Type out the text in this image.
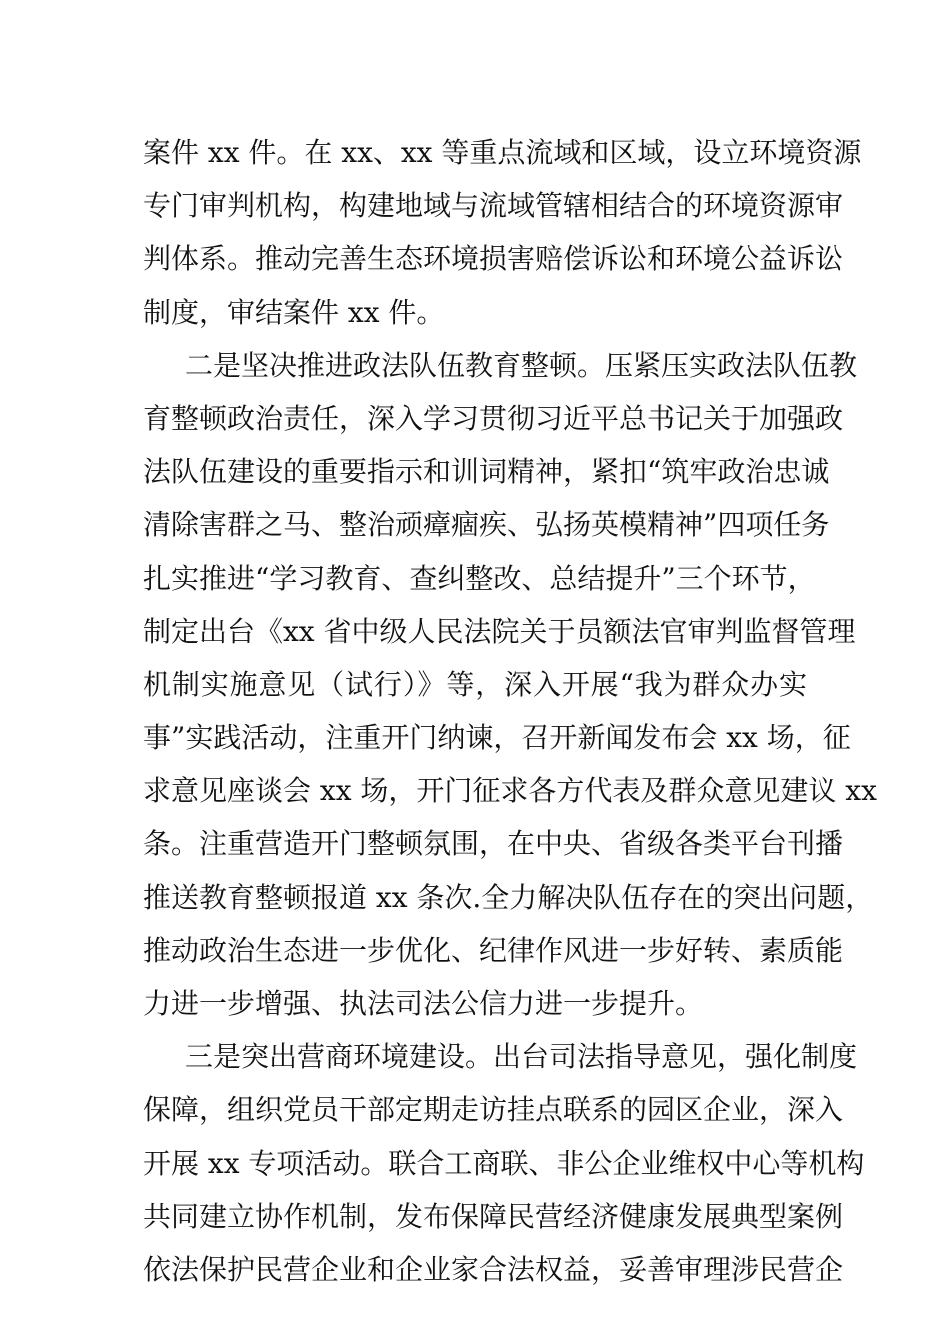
案件 xx 件。在 xx、xx 等重点流域和区域，设立环境资源
专门审判机构，构建地域与流域管辖相结合的环境资源审
判体系。推动完善生态环境损害赔偿诉讼和环境公益诉讼
制度，审结案件 xx 件。
二是坚决推进政法队伍教育整顿。压紧压实政法队伍教
育整顿政治责任，深入学习贯彻习近平总书记关于加强政
法队伍建设的重要指示和训词精神，紧扣“筑牢政治忠诚
清除害群之马、整治顽瘴痼疾、弘扬英模精神”四项任务
扎实推进“学习教育、查纠整改、总结提升”三个环节，
制定出台《xx 省中级人民法院关于员额法官审判监督管理
机制实施意见（试行）》等，深入开展“我为群众办实
事”实践活动，注重开门纳谏，召开新闻发布会 xx 场，征
求意见座谈会 xx 场，开门征求各方代表及群众意见建议 xx
条。注重营造开门整顿氛围，在中央、省级各类平台刊播
推送教育整顿报道 xx 条次.全力解决队伍存在的突出问题，
推动政治生态进一步优化、纪律作风进一步好转、素质能
力进一步增强、执法司法公信力进一步提升。
三是突出营商环境建设。出台司法指导意见，强化制度
保障，组织党员干部定期走访挂点联系的园区企业，深入
开展 xx 专项活动。联合工商联、非公企业维权中心等机构
共同建立协作机制，发布保障民营经济健康发展典型案例
依法保护民营企业和企业家合法权益，妥善审理涉民营企
